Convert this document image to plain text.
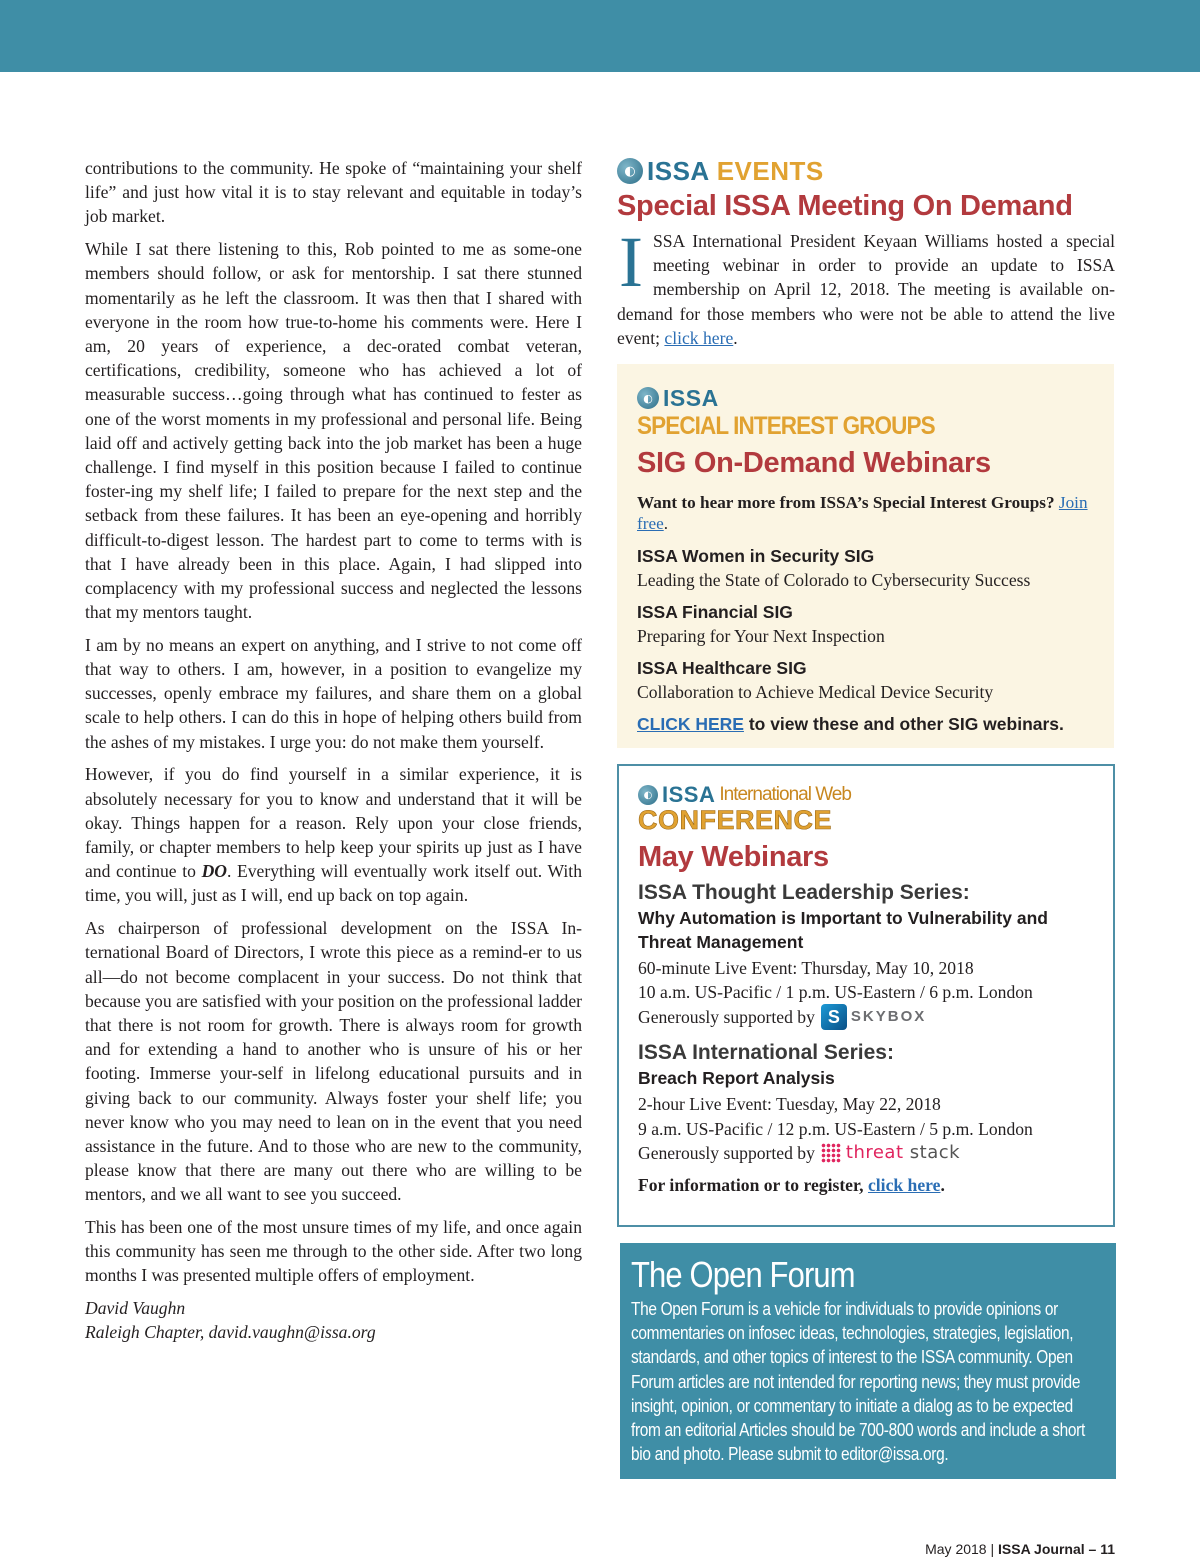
contributions to the community. He spoke of “maintaining your shelf life” and just how vital it is to stay relevant and equitable in today’s job market.

While I sat there listening to this, Rob pointed to me as some-one members should follow, or ask for mentorship. I sat there stunned momentarily as he left the classroom. It was then that I shared with everyone in the room how true-to-home his comments were. Here I am, 20 years of experience, a dec-orated combat veteran, certifications, credibility, someone who has achieved a lot of measurable success…going through what has continued to fester as one of the worst moments in my professional and personal life. Being laid off and actively getting back into the job market has been a huge challenge. I find myself in this position because I failed to continue foster-ing my shelf life; I failed to prepare for the next step and the setback from these failures. It has been an eye-opening and horribly difficult-to-digest lesson. The hardest part to come to terms with is that I have already been in this place. Again, I had slipped into complacency with my professional success and neglected the lessons that my mentors taught.

I am by no means an expert on anything, and I strive to not come off that way to others. I am, however, in a position to evangelize my successes, openly embrace my failures, and share them on a global scale to help others. I can do this in hope of helping others build from the ashes of my mistakes. I urge you: do not make them yourself.

However, if you do find yourself in a similar experience, it is absolutely necessary for you to know and understand that it will be okay. Things happen for a reason. Rely upon your close friends, family, or chapter members to help keep your spirits up just as I have and continue to DO. Everything will eventually work itself out. With time, you will, just as I will, end up back on top again.

As chairperson of professional development on the ISSA In-ternational Board of Directors, I wrote this piece as a remind-er to us all—do not become complacent in your success. Do not think that because you are satisfied with your position on the professional ladder that there is not room for growth. There is always room for growth and for extending a hand to another who is unsure of his or her footing. Immerse your-self in lifelong educational pursuits and in giving back to our community. Always foster your shelf life; you never know who you may need to lean on in the event that you need assistance in the future. And to those who are new to the community, please know that there are many out there who are willing to be mentors, and we all want to see you succeed.

This has been one of the most unsure times of my life, and once again this community has seen me through to the other side. After two long months I was presented multiple offers of employment.

David Vaughn

Raleigh Chapter, david.vaughn@issa.org

◐ ISSA EVENTS
Special ISSA Meeting On Demand
ISSA International President Keyaan Williams hosted a special meeting webinar in order to provide an update to ISSA membership on April 12, 2018. The meeting is available on-demand for those members who were not be able to attend the live event; click here.
◐ ISSA
SPECIAL INTEREST GROUPS
SIG On-Demand Webinars
Want to hear more from ISSA’s Special Interest Groups? Join free.
ISSA Women in Security SIG
Leading the State of Colorado to Cybersecurity Success
ISSA Financial SIG
Preparing for Your Next Inspection
ISSA Healthcare SIG
Collaboration to Achieve Medical Device Security
CLICK HERE to view these and other SIG webinars.
◐ ISSA International Web
CONFERENCE
May Webinars
ISSA Thought Leadership Series:
Why Automation is Important to Vulnerability and Threat Management
60-minute Live Event: Thursday, May 10, 2018
10 a.m. US-Pacific / 1 p.m. US-Eastern / 6 p.m. London
Generously supported by S SKYBOX
ISSA International Series:
Breach Report Analysis
2-hour Live Event: Tuesday, May 22, 2018
9 a.m. US-Pacific / 12 p.m. US-Eastern / 5 p.m. London
Generously supported by threat stack
For information or to register, click here.
The Open Forum
The Open Forum is a vehicle for individuals to provide opinions or commentaries on infosec ideas, technologies, strategies, legislation, standards, and other topics of interest to the ISSA community. Open Forum articles are not intended for reporting news; they must provide insight, opinion, or commentary to initiate a dialog as to be expected from an editorial Articles should be 700-800 words and include a short bio and photo. Please submit to editor@issa.org.
May 2018 | ISSA Journal – 11
